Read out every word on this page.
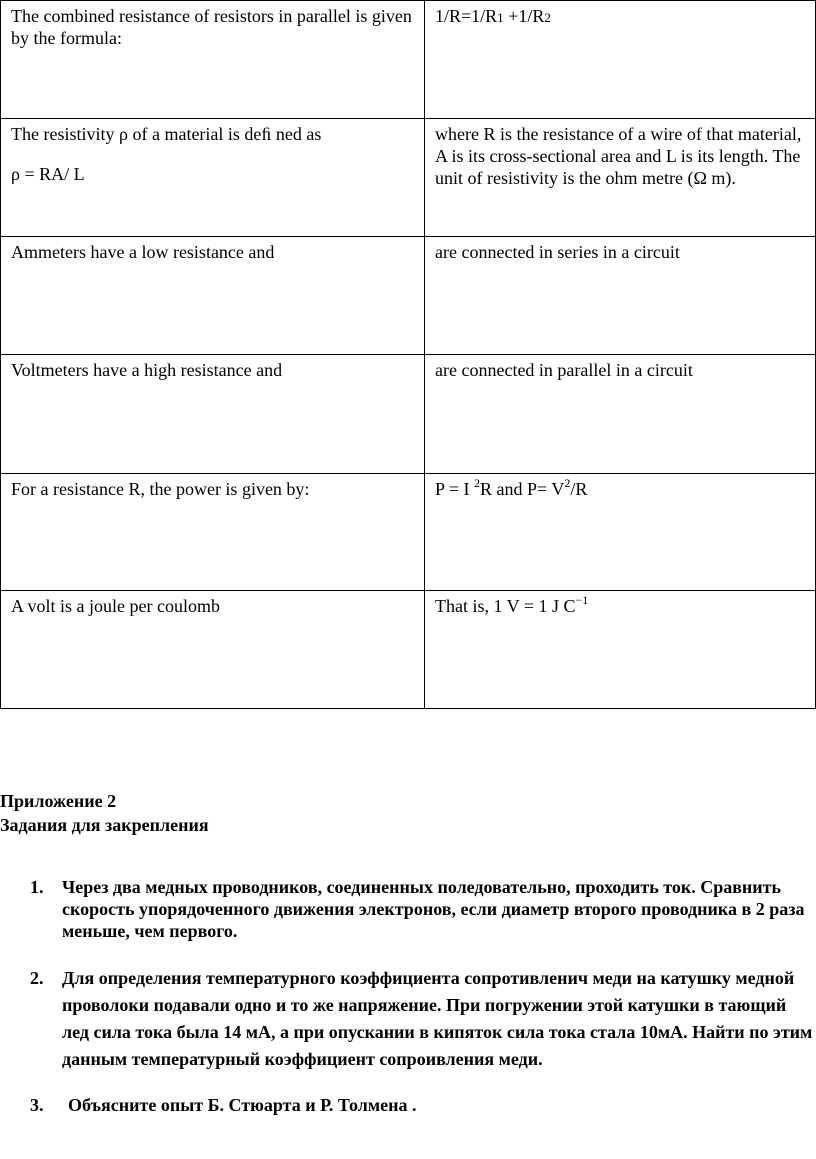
The combined resistance of resistors in parallel is given by the formula:	1/R=1/R1 +1/R2
The resistivity ρ of a material is deﬁ ned as
ρ = RA/ L	where R is the resistance of a wire of that material, A is its cross-sectional area and L is its length. The unit of resistivity is the ohm metre (Ω m).
Ammeters have a low resistance and	are connected in series in a circuit
Voltmeters have a high resistance and	are connected in parallel in a circuit
For a resistance R, the power is given by:	P = I $^2$R and $P= V^2/R$
A volt is a joule per coulomb	That is, 1 V = 1 J $C^{-1}$
Приложение 2
Задания для закрепления
1. Через два медных проводников, соединенных поледовательно, проходить ток. Сравнить скорость упорядоченного движения электронов, если диаметр второго проводника в 2 раза меньше, чем первого.
2. Для определения температурного коэффициента сопротивленич меди на катушку медной проволоки подавали одно и то же напряжение. При погружении этой катушки в тающий лед сила тока была 14 мА, а при опускании в кипяток сила тока стала 10мА. Найти по этим данным температурный коэффициент сопроивления меди.
3. Объясните опыт Б. Стюарта и Р. Толмена .
